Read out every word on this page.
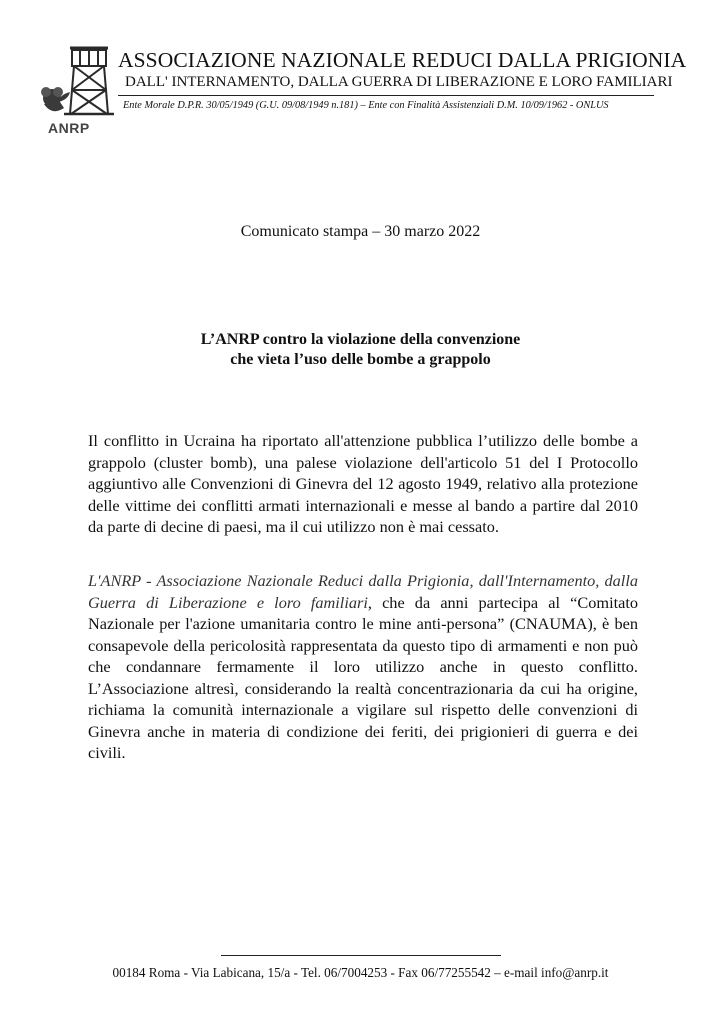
ANRP
ASSOCIAZIONE NAZIONALE REDUCI DALLA PRIGIONIA
DALL' INTERNAMENTO, DALLA GUERRA DI LIBERAZIONE E LORO FAMILIARI
Ente Morale D.P.R. 30/05/1949 (G.U. 09/08/1949 n.181) – Ente con Finalità Assistenziali D.M. 10/09/1962 - ONLUS
Comunicato stampa – 30 marzo 2022
L’ANRP contro la violazione della convenzione
che vieta l’uso delle bombe a grappolo

Il conflitto in Ucraina ha riportato all'attenzione pubblica l’utilizzo delle bombe a grappolo (cluster bomb), una palese violazione dell'articolo 51 del I Protocollo aggiuntivo alle Convenzioni di Ginevra del 12 agosto 1949, relativo alla protezione delle vittime dei conflitti armati internazionali e messe al bando a partire dal 2010 da parte di decine di paesi, ma il cui utilizzo non è mai cessato.

L'ANRP - Associazione Nazionale Reduci dalla Prigionia, dall'Internamento, dalla Guerra di Liberazione e loro familiari, che da anni partecipa al “Comitato Nazionale per l'azione umanitaria contro le mine anti-persona” (CNAUMA), è ben consapevole della pericolosità rappresentata da questo tipo di armamenti e non può che condannare fermamente il loro utilizzo anche in questo conflitto. L’Associazione altresì, considerando la realtà concentrazionaria da cui ha origine, richiama la comunità internazionale a vigilare sul rispetto delle convenzioni di Ginevra anche in materia di condizione dei feriti, dei prigionieri di guerra e dei civili.

00184 Roma - Via Labicana, 15/a - Tel. 06/7004253 - Fax 06/77255542 – e-mail info@anrp.it
